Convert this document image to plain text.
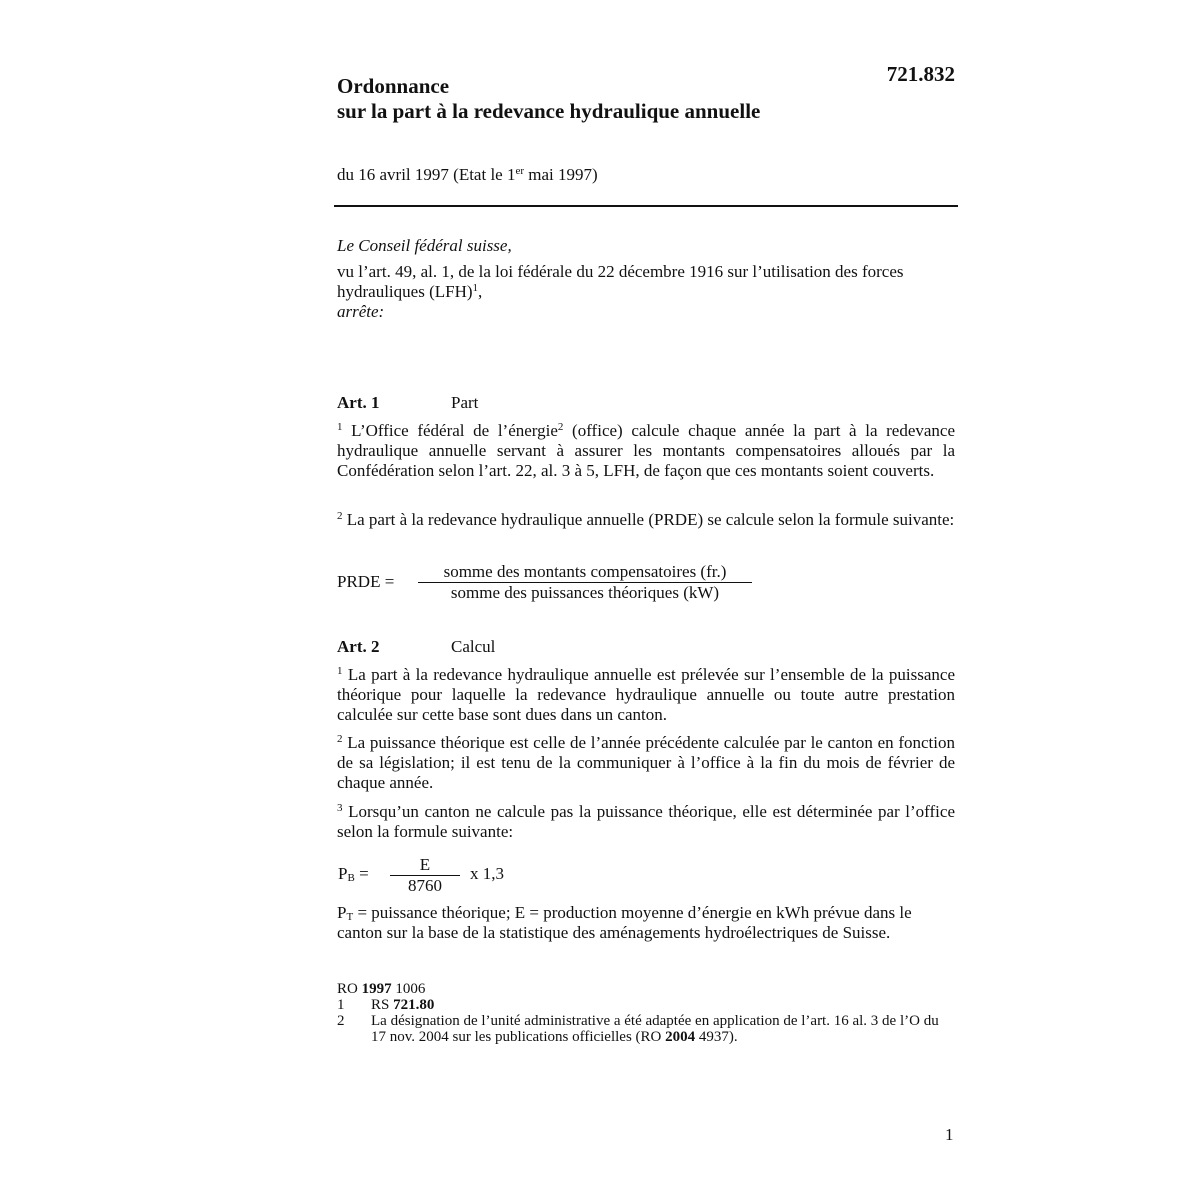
721.832
Ordonnance
sur la part à la redevance hydraulique annuelle
du 16 avril 1997 (Etat le 1er mai 1997)
Le Conseil fédéral suisse,
vu l’art. 49, al. 1, de la loi fédérale du 22 décembre 1916 sur l’utilisation des forces hydrauliques (LFH)$^1$,
arrête:
Art. 1	Part
$^1$ L’Office fédéral de l’énergie$^2$ (office) calcule chaque année la part à la redevance hydraulique annuelle servant à assurer les montants compensatoires alloués par la Confédération selon l’art. 22, al. 3 à 5, LFH, de façon que ces montants soient couverts.
$^2$ La part à la redevance hydraulique annuelle (PRDE) se calcule selon la formule suivante:
PRDE =
somme des montants compensatoires (fr.)
somme des puissances théoriques (kW)
Art. 2	Calcul
$^1$ La part à la redevance hydraulique annuelle est prélevée sur l’ensemble de la puissance théorique pour laquelle la redevance hydraulique annuelle ou toute autre prestation calculée sur cette base sont dues dans un canton.
$^2$ La puissance théorique est celle de l’année précédente calculée par le canton en fonction de sa législation; il est tenu de la communiquer à l’office à la fin du mois de février de chaque année.
$^3$ Lorsqu’un canton ne calcule pas la puissance théorique, elle est déterminée par l’office selon la formule suivante:
$P_B$ =	E
8760
x 1,3
$P_T$ = puissance théorique; E = production moyenne d’énergie en kWh prévue dans le canton sur la base de la statistique des aménagements hydroélectriques de Suisse.
RO 1997 1006
1	RS 721.80
2	La désignation de l’unité administrative a été adaptée en application de l’art. 16 al. 3 de l’O du 17 nov. 2004 sur les publications officielles (RO 2004 4937).
1
